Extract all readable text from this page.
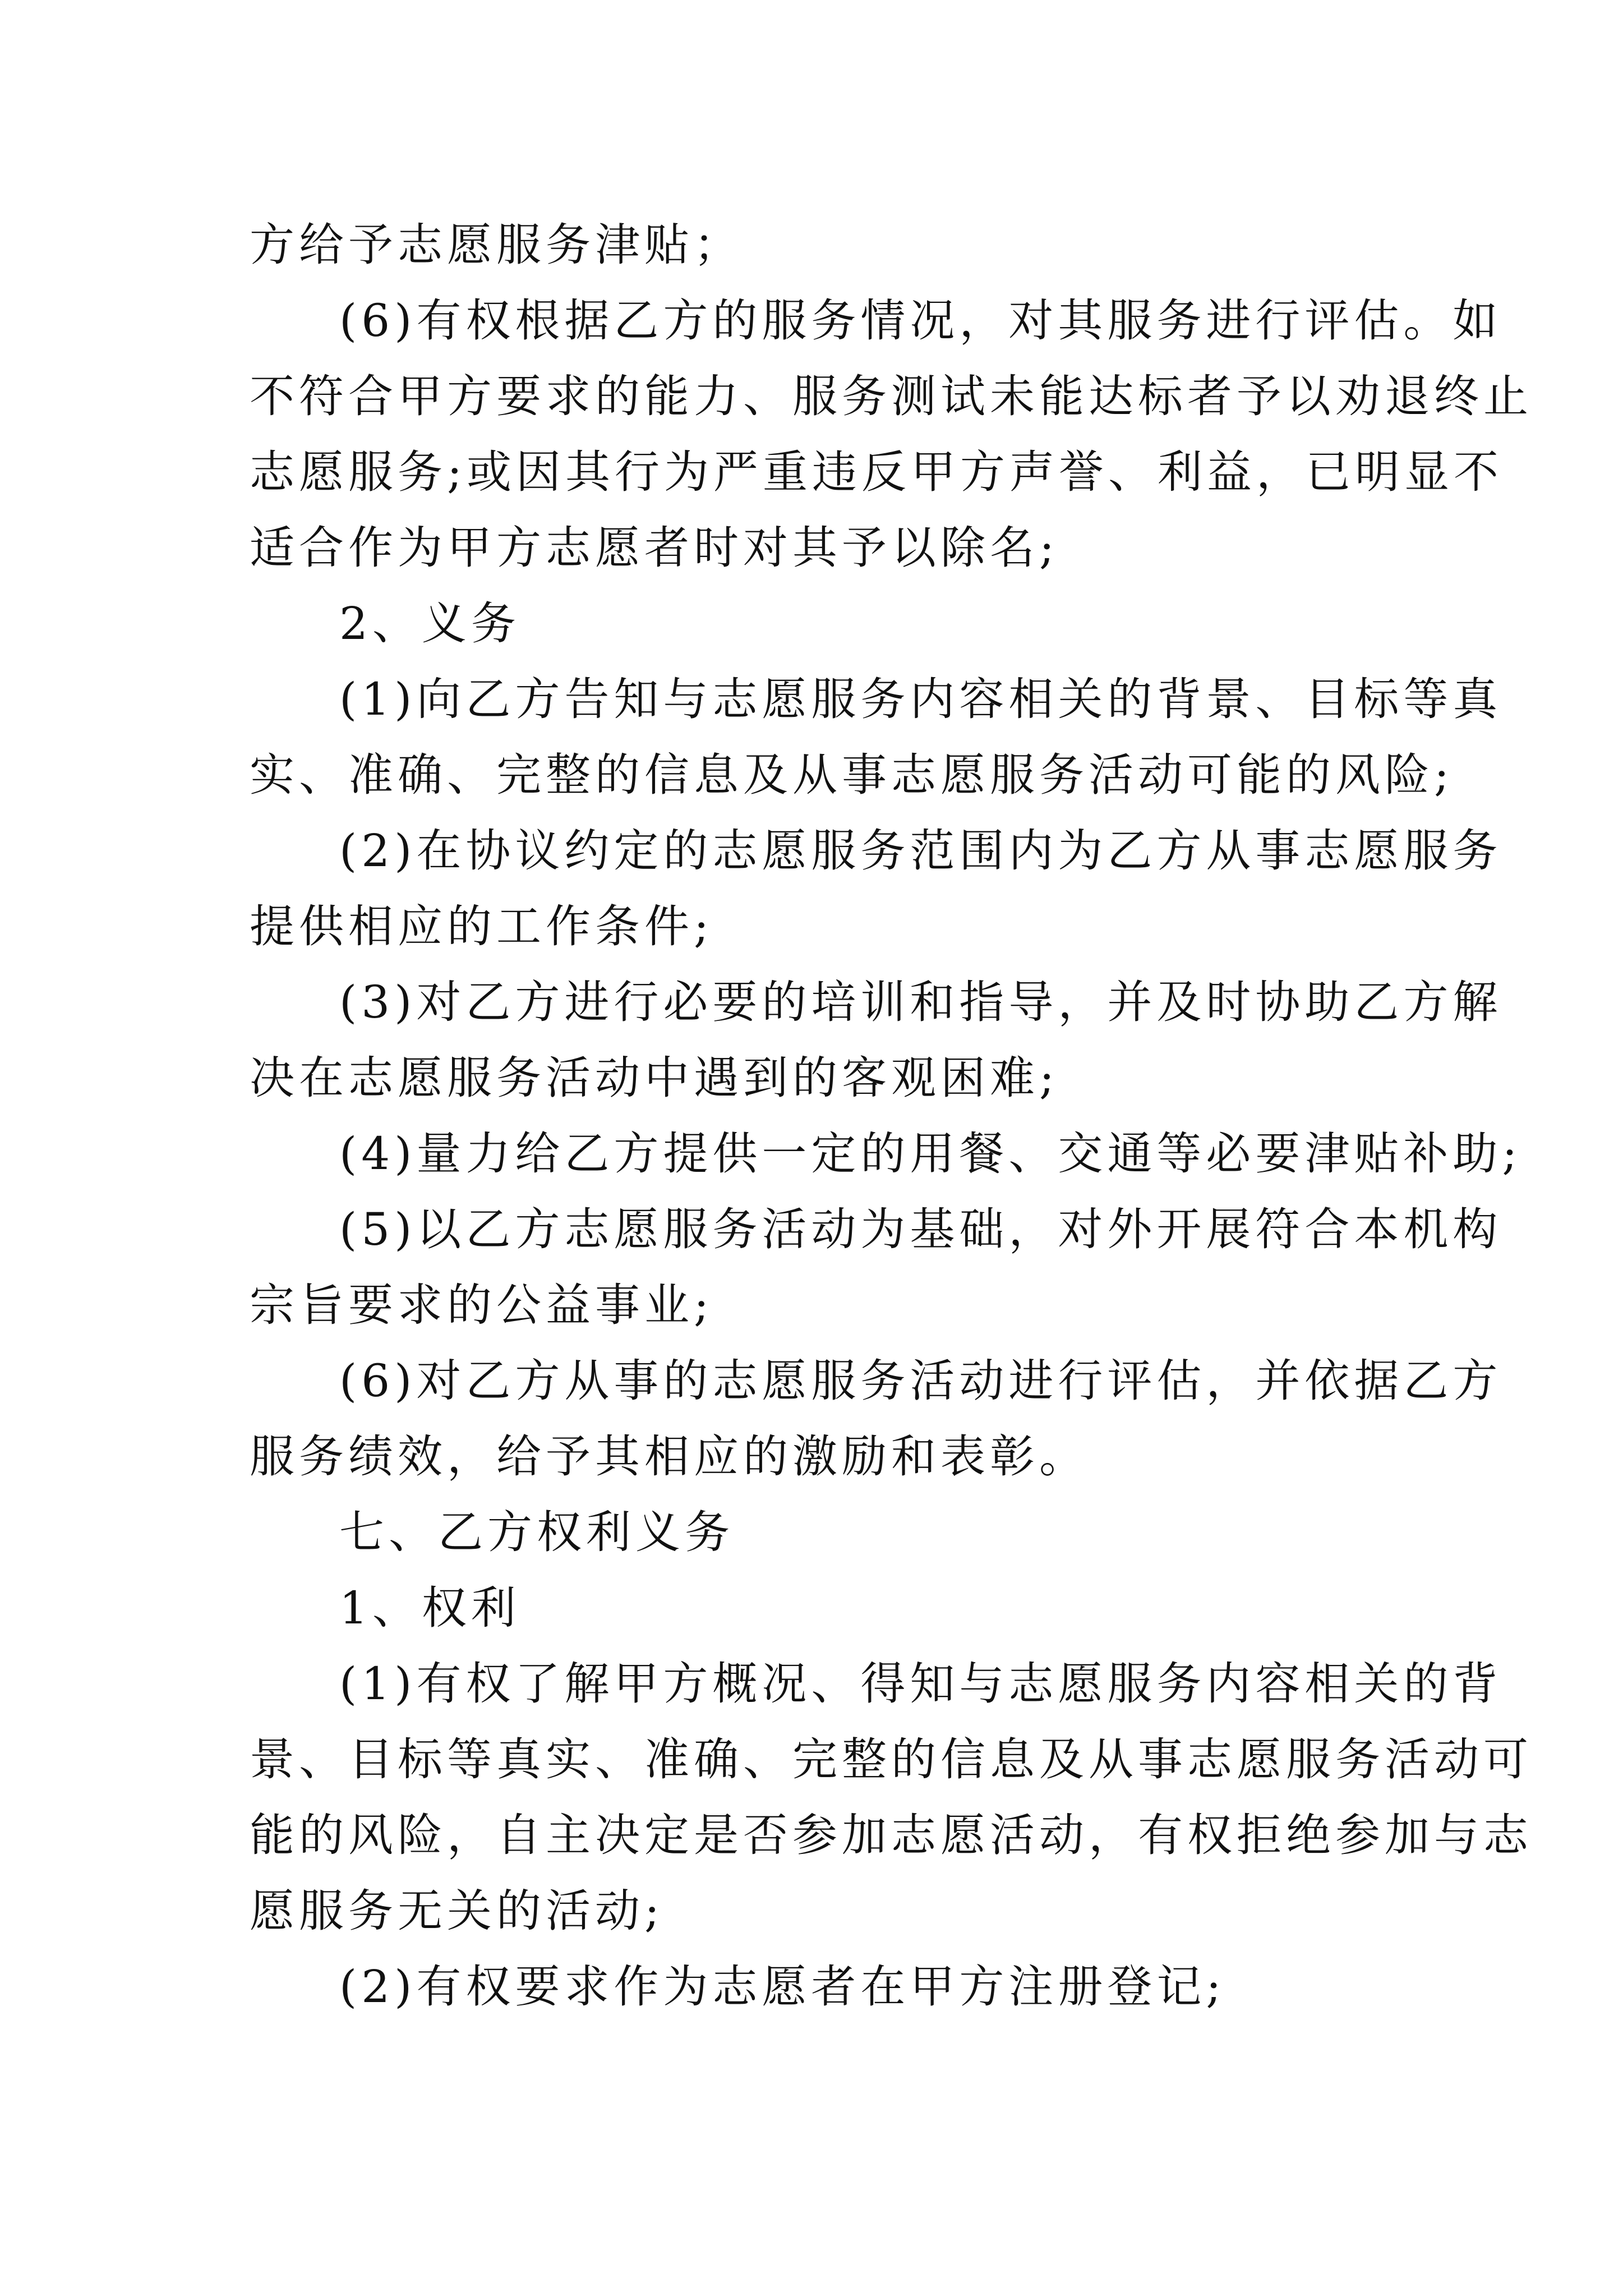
方给予志愿服务津贴；
(6)有权根据乙方的服务情况，对其服务进行评估。如
不符合甲方要求的能力、服务测试未能达标者予以劝退终止
志愿服务;或因其行为严重违反甲方声誉、利益，已明显不
适合作为甲方志愿者时对其予以除名;
2、义务
(1)向乙方告知与志愿服务内容相关的背景、目标等真
实、准确、完整的信息及从事志愿服务活动可能的风险;
(2)在协议约定的志愿服务范围内为乙方从事志愿服务
提供相应的工作条件;
(3)对乙方进行必要的培训和指导，并及时协助乙方解
决在志愿服务活动中遇到的客观困难;
(4)量力给乙方提供一定的用餐、交通等必要津贴补助;
(5)以乙方志愿服务活动为基础，对外开展符合本机构
宗旨要求的公益事业;
(6)对乙方从事的志愿服务活动进行评估，并依据乙方
服务绩效，给予其相应的激励和表彰。
七、乙方权利义务
1、权利
(1)有权了解甲方概况、得知与志愿服务内容相关的背
景、目标等真实、准确、完整的信息及从事志愿服务活动可
能的风险，自主决定是否参加志愿活动，有权拒绝参加与志
愿服务无关的活动;
(2)有权要求作为志愿者在甲方注册登记;
